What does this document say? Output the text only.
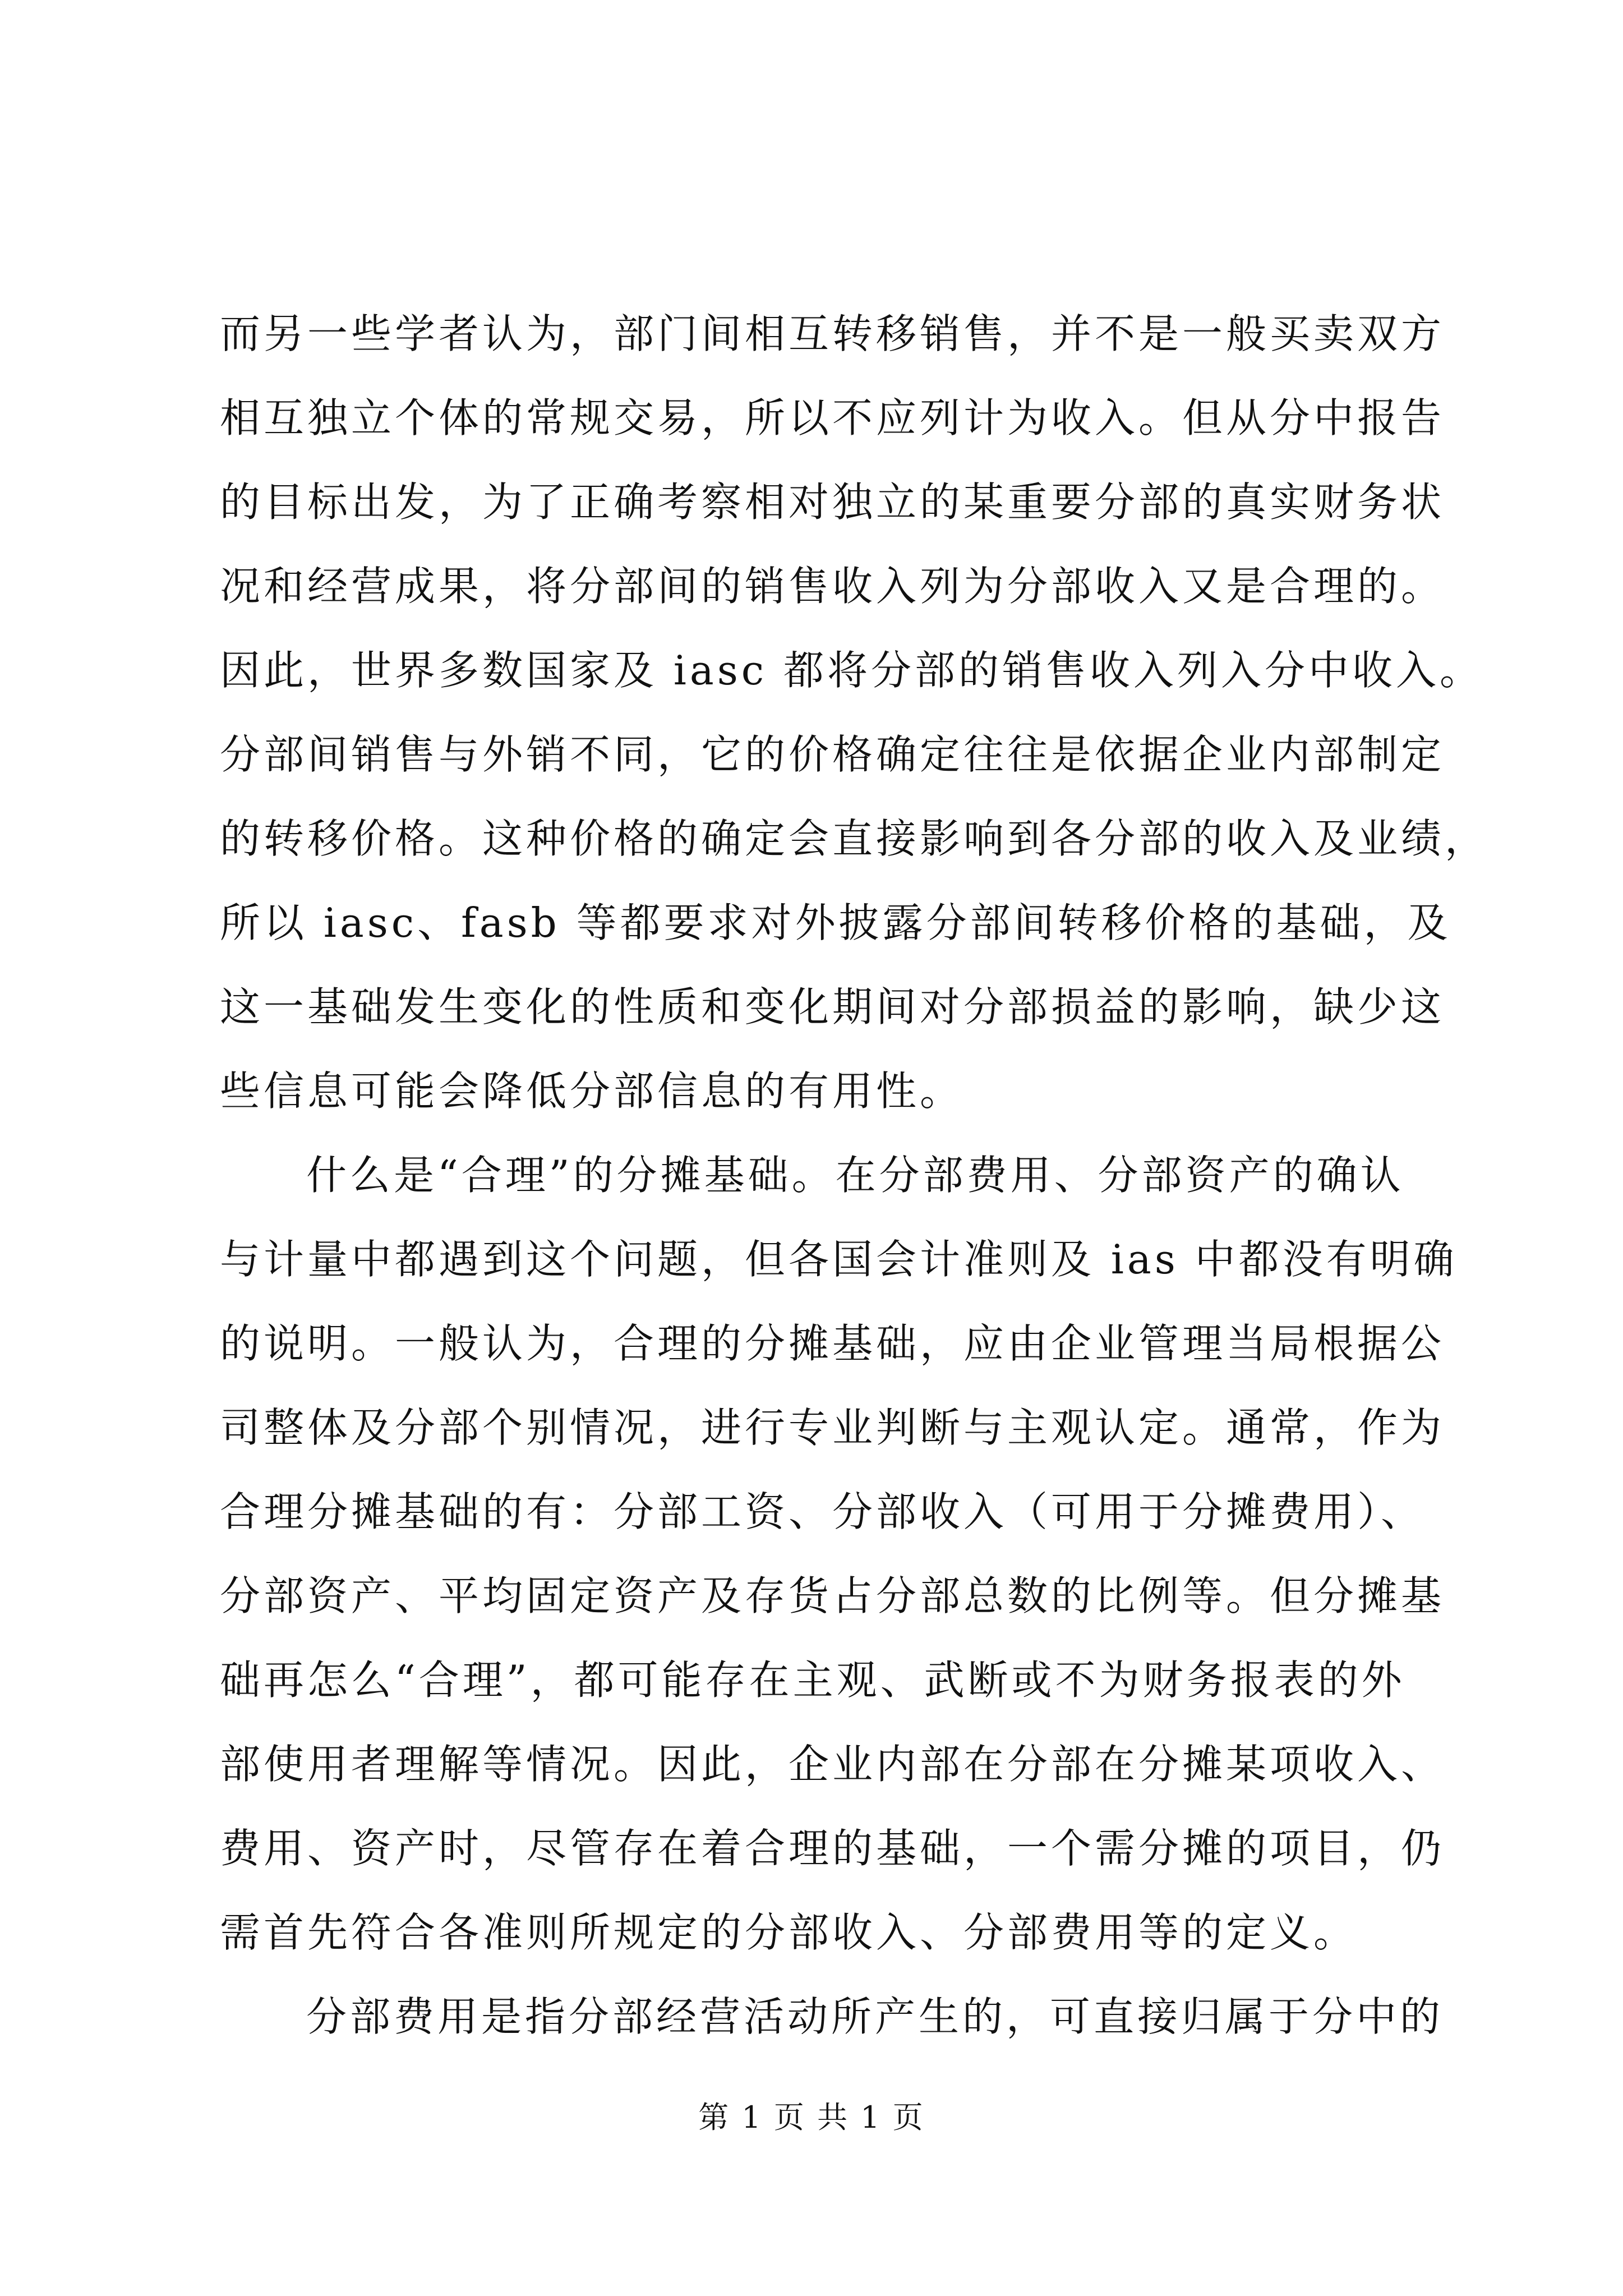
而另一些学者认为，部门间相互转移销售，并不是一般买卖双方
相互独立个体的常规交易，所以不应列计为收入。但从分中报告
的目标出发，为了正确考察相对独立的某重要分部的真实财务状
况和经营成果，将分部间的销售收入列为分部收入又是合理的。
因此，世界多数国家及 iasc 都将分部的销售收入列入分中收入。
分部间销售与外销不同，它的价格确定往往是依据企业内部制定
的转移价格。这种价格的确定会直接影响到各分部的收入及业绩，
所以 iasc、fasb 等都要求对外披露分部间转移价格的基础，及
这一基础发生变化的性质和变化期间对分部损益的影响，缺少这
些信息可能会降低分部信息的有用性。
什么是“合理”的分摊基础。在分部费用、分部资产的确认
与计量中都遇到这个问题，但各国会计准则及 ias 中都没有明确
的说明。一般认为，合理的分摊基础，应由企业管理当局根据公
司整体及分部个别情况，进行专业判断与主观认定。通常，作为
合理分摊基础的有：分部工资、分部收入（可用于分摊费用）、
分部资产、平均固定资产及存货占分部总数的比例等。但分摊基
础再怎么“合理”，都可能存在主观、武断或不为财务报表的外
部使用者理解等情况。因此，企业内部在分部在分摊某项收入、
费用、资产时，尽管存在着合理的基础，一个需分摊的项目，仍
需首先符合各准则所规定的分部收入、分部费用等的定义。
分部费用是指分部经营活动所产生的，可直接归属于分中的
第 1 页 共 1 页
